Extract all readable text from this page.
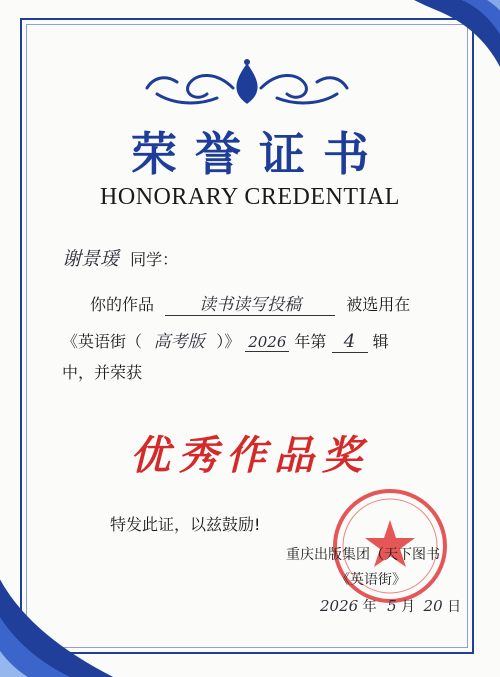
荣誉证书
HONORARY CREDENTIAL
谢景瑗 同学：
你的作品	读书读写投稿	被选用在
《英语街（ 高考版 ）》 2026 年第 4 辑
中，并荣获
优秀作品奖
特发此证，以兹鼓励!
重庆出版集团（天下图书
《英语街》
2026 年 5 月 20 日
